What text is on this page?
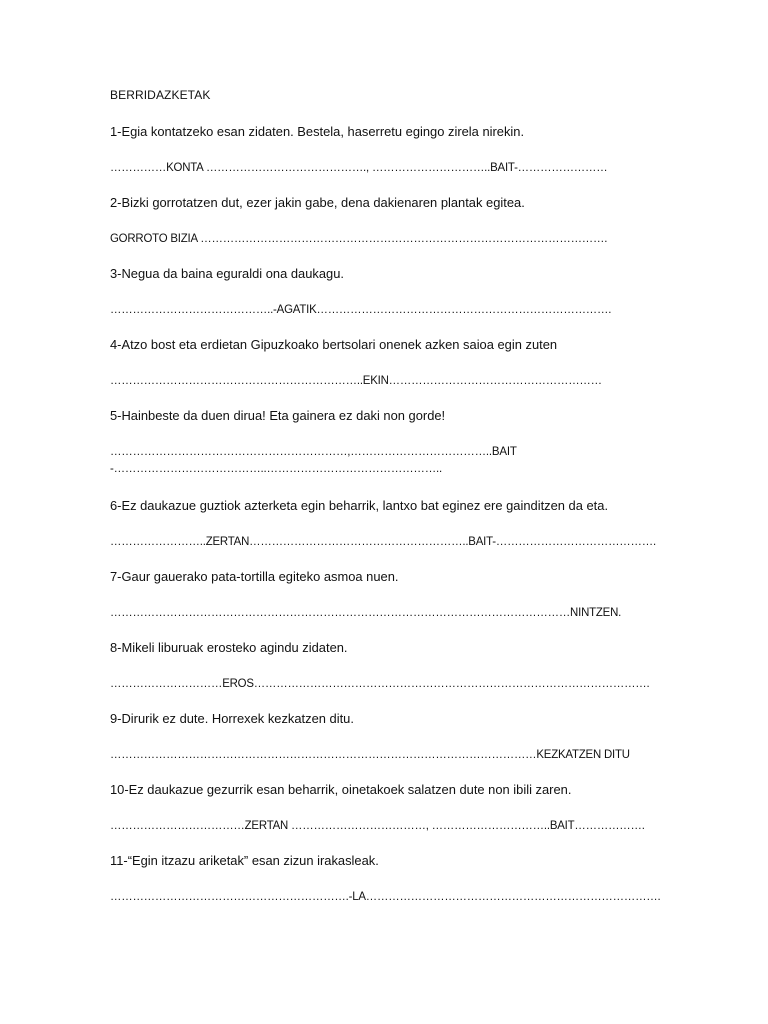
BERRIDAZKETAK
1-Egia kontatzeko esan zidaten. Bestela, haserretu egingo zirela nirekin.
……………KONTA ……………………………………., …………………………..BAIT-……………………
2-Bizki gorrotatzen dut, ezer jakin gabe, dena dakienaren plantak egitea.
GORROTO BIZIA ……………………………………………………………………………………………….
3-Negua da baina eguraldi ona daukagu.
……………………………………..-AGATIK…………………………………………………………………….
4-Atzo bost eta erdietan Gipuzkoako bertsolari onenek azken saioa egin zuten
…………………………………………………………..EKIN…………………………………………………
5-Hainbeste da duen dirua! Eta gainera ez daki non gorde!
………………………………………………………,………………………………..BAIT-…………………………………..………………………………………..
6-Ez daukazue guztiok azterketa egin beharrik, lantxo bat eginez ere gainditzen da eta.
……………………..ZERTAN…………………………………………………..BAIT-…………………………………….
7-Gaur gauerako pata-tortilla egiteko asmoa nuen.
……………………………………………………………………………………………………………NINTZEN.
8-Mikeli liburuak erosteko agindu zidaten.
…………………………EROS…………………………………………………………………………………………….
9-Dirurik ez dute. Horrexek kezkatzen ditu.
……………………………………………………………………………………………………KEZKATZEN DITU
10-Ez daukazue gezurrik esan beharrik, oinetakoek salatzen dute non ibili zaren.
………………………………ZERTAN ………………………………, …………………………..BAIT……………….
11-“Egin itzazu ariketak” esan zizun irakasleak.
……………………………………………………….-LA…………………………………………………………………….
